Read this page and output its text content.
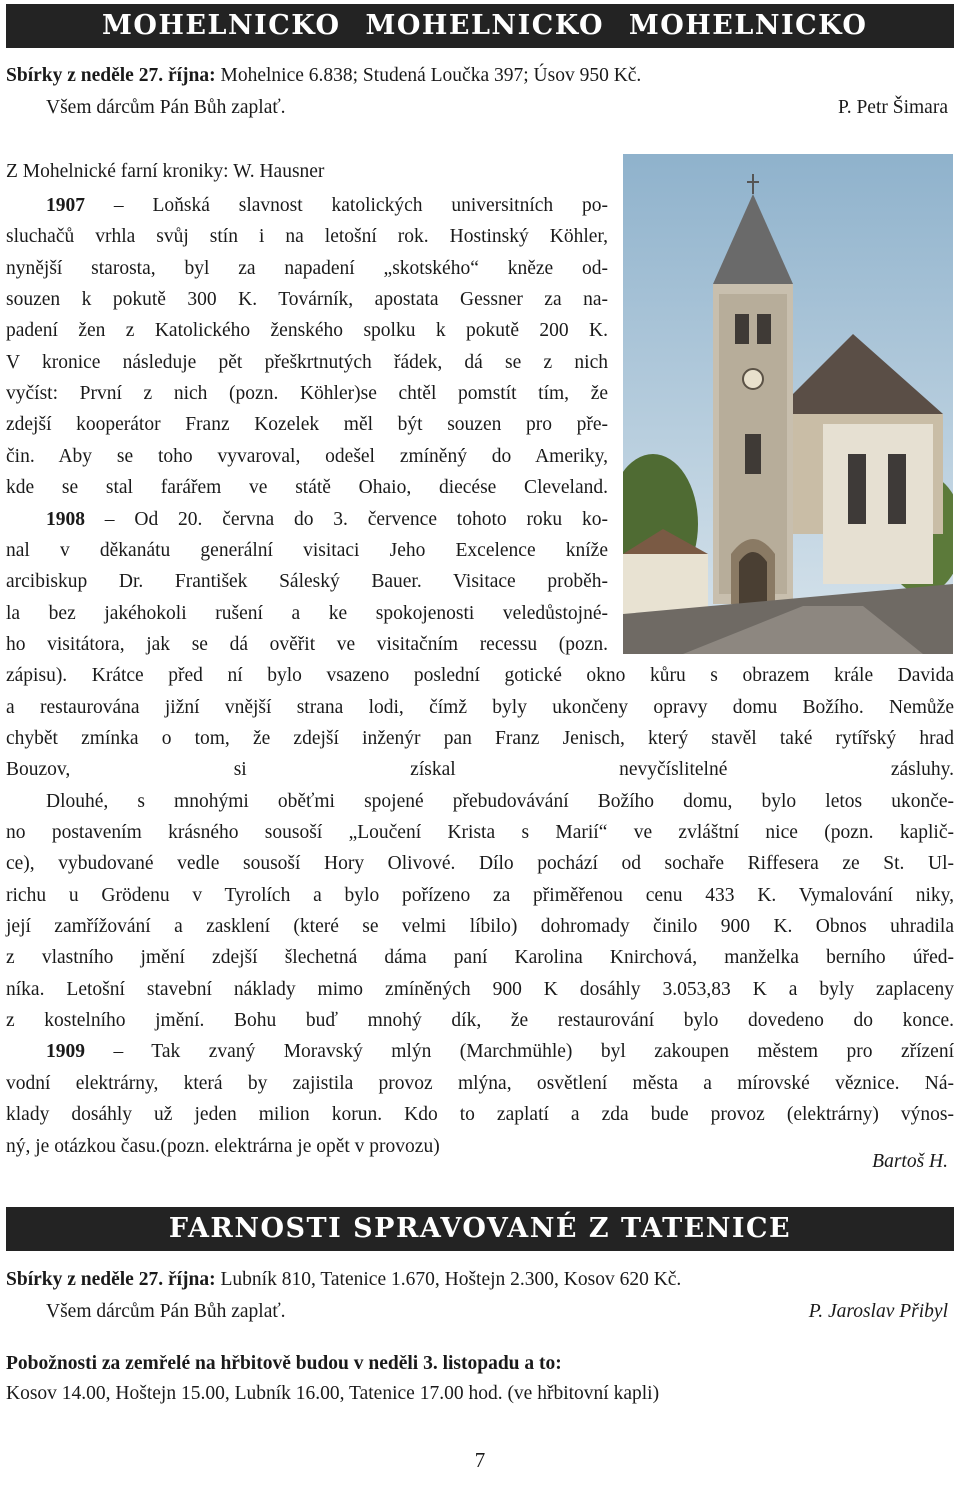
MOHELNICKO MOHELNICKO MOHELNICKO
Sbírky z neděle 27. října: Mohelnice 6.838; Studená Loučka 397; Úsov 950 Kč.
Všem dárcům Pán Bůh zaplať.	P. Petr Šimara
Z Mohelnické farní kroniky: W. Hausner
1907 – Loňská slavnost katolických universitních po-
sluchačů vrhla svůj stín i na letošní rok. Hostinský Köhler,
nynější starosta, byl za napadení „skotského“ kněze od-
souzen k pokutě 300 K. Továrník, apostata Gessner za na-
padení žen z Katolického ženského spolku k pokutě 200 K.
V kronice následuje pět přeškrtnutých řádek, dá se z nich
vyčíst: První z nich (pozn. Köhler)se chtěl pomstít tím, že
zdejší kooperátor Franz Kozelek měl být souzen pro pře-
čin. Aby se toho vyvaroval, odešel zmíněný do Ameriky,
kde se stal farářem ve státě Ohaio, diecése Cleveland.
1908 – Od 20. června do 3. července tohoto roku ko-
nal v děkanátu generální visitaci Jeho Excelence kníže
arcibiskup Dr. František Sáleský Bauer. Visitace proběh-
la bez jakéhokoli rušení a ke spokojenosti veledůstojné-
ho visitátora, jak se dá ověřit ve visitačním recessu (pozn.
zápisu). Krátce před ní bylo vsazeno poslední gotické okno kůru s obrazem krále Davida
a restaurována jižní vnější strana lodi, čímž byly ukončeny opravy domu Božího. Nemůže
chybět zmínka o tom, že zdejší inženýr pan Franz Jenisch, který stavěl také rytířský hrad
Bouzov, si získal nevyčíslitelné zásluhy.
Dlouhé, s mnohými oběťmi spojené přebudovávání Božího domu, bylo letos ukonče-
no postavením krásného sousoší „Loučení Krista s Marií“ ve zvláštní nice (pozn. kaplič-
ce), vybudované vedle sousoší Hory Olivové. Dílo pochází od sochaře Riffesera ze St. Ul-
richu u Grödenu v Tyrolích a bylo pořízeno za přiměřenou cenu 433 K. Vymalování niky,
její zamřížování a zasklení (které se velmi líbilo) dohromady činilo 900 K. Obnos uhradila
z vlastního jmění zdejší šlechetná dáma paní Karolina Knirchová, manželka berního úřed-
níka. Letošní stavební náklady mimo zmíněných 900 K dosáhly 3.053,83 K a byly zaplaceny
z kostelního jmění. Bohu buď mnohý dík, že restaurování bylo dovedeno do konce.
1909 – Tak zvaný Moravský mlýn (Marchmühle) byl zakoupen městem pro zřízení
vodní elektrárny, která by zajistila provoz mlýna, osvětlení města a mírovské věznice. Ná-
klady dosáhly už jeden milion korun. Kdo to zaplatí a zda bude provoz (elektrárny) výnos-
ný, je otázkou času.(pozn. elektrárna je opět v provozu)
Bartoš H.
FARNOSTI SPRAVOVANÉ Z TATENICE
Sbírky z neděle 27. října: Lubník 810, Tatenice 1.670, Hoštejn 2.300, Kosov 620 Kč.
Všem dárcům Pán Bůh zaplať.	P. Jaroslav Přibyl
Pobožnosti za zemřelé na hřbitově budou v neděli 3. listopadu a to:
Kosov 14.00, Hoštejn 15.00, Lubník 16.00, Tatenice 17.00 hod. (ve hřbitovní kapli)
7
